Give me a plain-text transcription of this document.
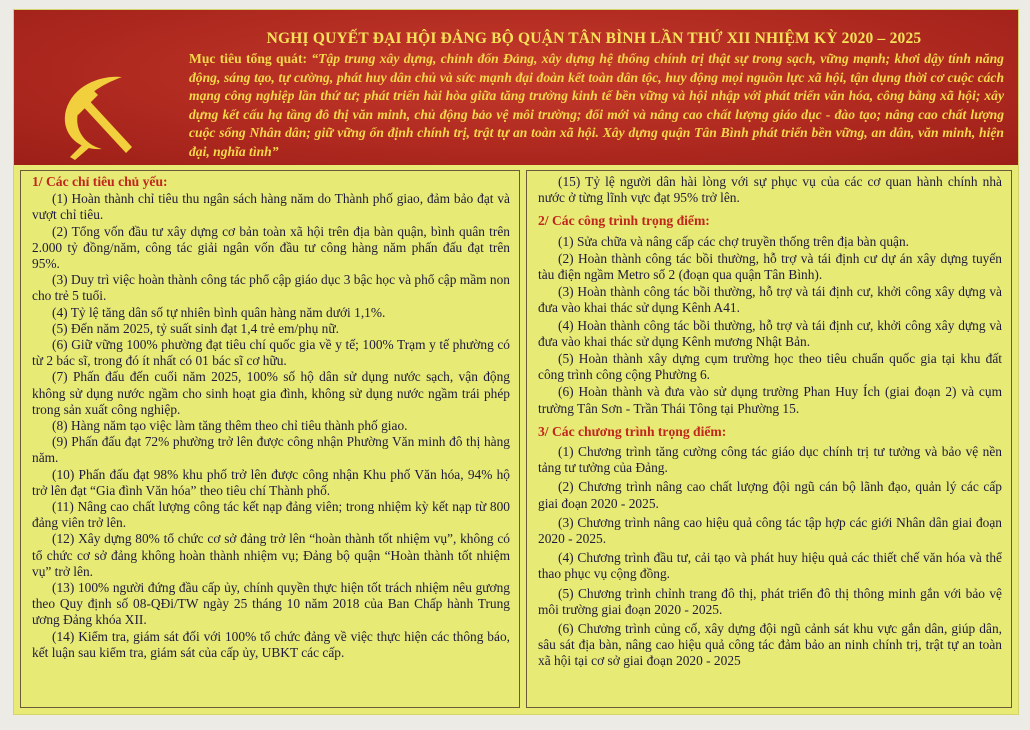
NGHỊ QUYẾT ĐẠI HỘI ĐẢNG BỘ QUẬN TÂN BÌNH LẦN THỨ XII NHIỆM KỲ 2020 – 2025
Mục tiêu tổng quát: “Tập trung xây dựng, chỉnh đốn Đảng, xây dựng hệ thống chính trị thật sự trong sạch, vững mạnh; khơi dậy tính năng động, sáng tạo, tự cường, phát huy dân chủ và sức mạnh đại đoàn kết toàn dân tộc, huy động mọi nguồn lực xã hội, tận dụng thời cơ cuộc cách mạng công nghiệp lần thứ tư; phát triển hài hòa giữa tăng trưởng kinh tế bền vững và hội nhập với phát triển văn hóa, công bằng xã hội; xây dựng kết cấu hạ tầng đô thị văn minh, chủ động bảo vệ môi trường; đổi mới và nâng cao chất lượng giáo dục - đào tạo; nâng cao chất lượng cuộc sống Nhân dân; giữ vững ổn định chính trị, trật tự an toàn xã hội. Xây dựng quận Tân Bình phát triển bền vững, an dân, văn minh, hiện đại, nghĩa tình”
1/ Các chỉ tiêu chủ yếu:

(1) Hoàn thành chỉ tiêu thu ngân sách hàng năm do Thành phố giao, đảm bảo đạt và vượt chỉ tiêu.

(2) Tổng vốn đầu tư xây dựng cơ bản toàn xã hội trên địa bàn quận, bình quân trên 2.000 tỷ đồng/năm, công tác giải ngân vốn đầu tư công hàng năm phấn đấu đạt trên 95%.

(3) Duy trì việc hoàn thành công tác phổ cập giáo dục 3 bậc học và phổ cập mầm non cho trẻ 5 tuổi.

(4) Tỷ lệ tăng dân số tự nhiên bình quân hàng năm dưới 1,1%.

(5) Đến năm 2025, tỷ suất sinh đạt 1,4 trẻ em/phụ nữ.

(6) Giữ vững 100% phường đạt tiêu chí quốc gia về y tế; 100% Trạm y tế phường có từ 2 bác sĩ, trong đó ít nhất có 01 bác sĩ cơ hữu.

(7) Phấn đấu đến cuối năm 2025, 100% số hộ dân sử dụng nước sạch, vận động không sử dụng nước ngầm cho sinh hoạt gia đình, không sử dụng nước ngầm trái phép trong sản xuất công nghiệp.

(8) Hàng năm tạo việc làm tăng thêm theo chỉ tiêu thành phố giao.

(9) Phấn đấu đạt 72% phường trở lên được công nhận Phường Văn minh đô thị hàng năm.

(10) Phấn đấu đạt 98% khu phố trở lên được công nhận Khu phố Văn hóa, 94% hộ trở lên đạt “Gia đình Văn hóa” theo tiêu chí Thành phố.

(11) Nâng cao chất lượng công tác kết nạp đảng viên; trong nhiệm kỳ kết nạp từ 800 đảng viên trở lên.

(12) Xây dựng 80% tổ chức cơ sở đảng trở lên “hoàn thành tốt nhiệm vụ”, không có tổ chức cơ sở đảng không hoàn thành nhiệm vụ; Đảng bộ quận “Hoàn thành tốt nhiệm vụ” trở lên.

(13) 100% người đứng đầu cấp ủy, chính quyền thực hiện tốt trách nhiệm nêu gương theo Quy định số 08-QĐi/TW ngày 25 tháng 10 năm 2018 của Ban Chấp hành Trung ương Đảng khóa XII.

(14) Kiểm tra, giám sát đối với 100% tổ chức đảng về việc thực hiện các thông báo, kết luận sau kiểm tra, giám sát của cấp ủy, UBKT các cấp.

(15) Tỷ lệ người dân hài lòng với sự phục vụ của các cơ quan hành chính nhà nước ở từng lĩnh vực đạt 95% trở lên.

2/ Các công trình trọng điểm:

(1) Sửa chữa và nâng cấp các chợ truyền thống trên địa bàn quận.

(2) Hoàn thành công tác bồi thường, hỗ trợ và tái định cư dự án xây dựng tuyến tàu điện ngầm Metro số 2 (đoạn qua quận Tân Bình).

(3) Hoàn thành công tác bồi thường, hỗ trợ và tái định cư, khởi công xây dựng và đưa vào khai thác sử dụng Kênh A41.

(4) Hoàn thành công tác bồi thường, hỗ trợ và tái định cư, khởi công xây dựng và đưa vào khai thác sử dụng Kênh mương Nhật Bản.

(5) Hoàn thành xây dựng cụm trường học theo tiêu chuẩn quốc gia tại khu đất công trình công cộng Phường 6.

(6) Hoàn thành và đưa vào sử dụng trường Phan Huy Ích (giai đoạn 2) và cụm trường Tân Sơn - Trần Thái Tông tại Phường 15.

3/ Các chương trình trọng điểm:

(1) Chương trình tăng cường công tác giáo dục chính trị tư tưởng và bảo vệ nền tảng tư tưởng của Đảng.

(2) Chương trình nâng cao chất lượng đội ngũ cán bộ lãnh đạo, quản lý các cấp giai đoạn 2020 - 2025.

(3) Chương trình nâng cao hiệu quả công tác tập hợp các giới Nhân dân giai đoạn 2020 - 2025.

(4) Chương trình đầu tư, cải tạo và phát huy hiệu quả các thiết chế văn hóa và thể thao phục vụ cộng đồng.

(5) Chương trình chỉnh trang đô thị, phát triển đô thị thông minh gắn với bảo vệ môi trường giai đoạn 2020 - 2025.

(6) Chương trình củng cố, xây dựng đội ngũ cảnh sát khu vực gắn dân, giúp dân, sâu sát địa bàn, nâng cao hiệu quả công tác đảm bảo an ninh chính trị, trật tự an toàn xã hội tại cơ sở giai đoạn 2020 - 2025
